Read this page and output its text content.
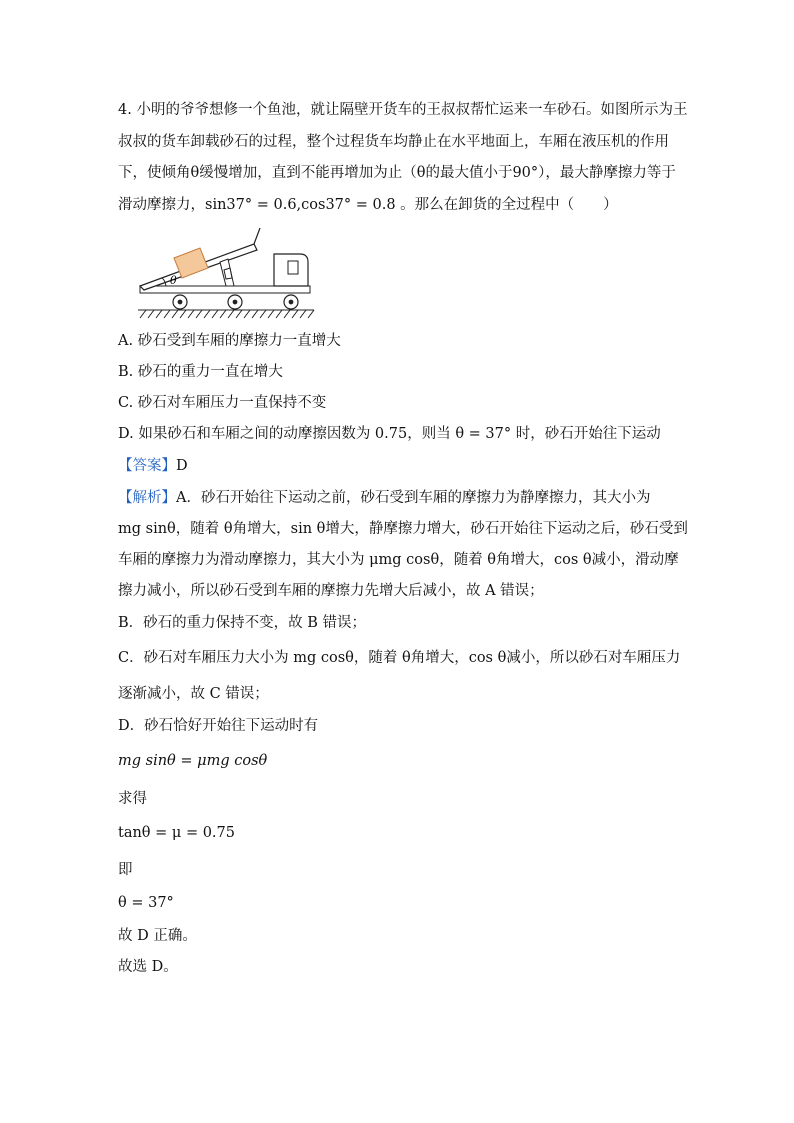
4. 小明的爷爷想修一个鱼池，就让隔壁开货车的王叔叔帮忙运来一车砂石。如图所示为王
叔叔的货车卸载砂石的过程，整个过程货车均静止在水平地面上，车厢在液压机的作用
下，使倾角θ缓慢增加，直到不能再增加为止（θ的最大值小于90°），最大静摩擦力等于
滑动摩擦力，sin37° = 0.6,cos37° = 0.8 。那么在卸货的全过程中（　　）
θ
A. 砂石受到车厢的摩擦力一直增大
B. 砂石的重力一直在增大
C. 砂石对车厢压力一直保持不变
D. 如果砂石和车厢之间的动摩擦因数为 0.75，则当 θ = 37° 时，砂石开始往下运动
【答案】D
【解析】A．砂石开始往下运动之前，砂石受到车厢的摩擦力为静摩擦力，其大小为
mg sinθ，随着 θ角增大，sin θ增大，静摩擦力增大，砂石开始往下运动之后，砂石受到
车厢的摩擦力为滑动摩擦力，其大小为 μmg cosθ，随着 θ角增大，cos θ减小，滑动摩
擦力减小，所以砂石受到车厢的摩擦力先增大后减小，故 A 错误；
B．砂石的重力保持不变，故 B 错误；
C．砂石对车厢压力大小为 mg cosθ，随着 θ角增大，cos θ减小，所以砂石对车厢压力
逐渐减小，故 C 错误；
D．砂石恰好开始往下运动时有
mg sinθ = μmg cosθ
求得
tanθ = μ = 0.75
即
θ = 37°
故 D 正确。
故选 D。
